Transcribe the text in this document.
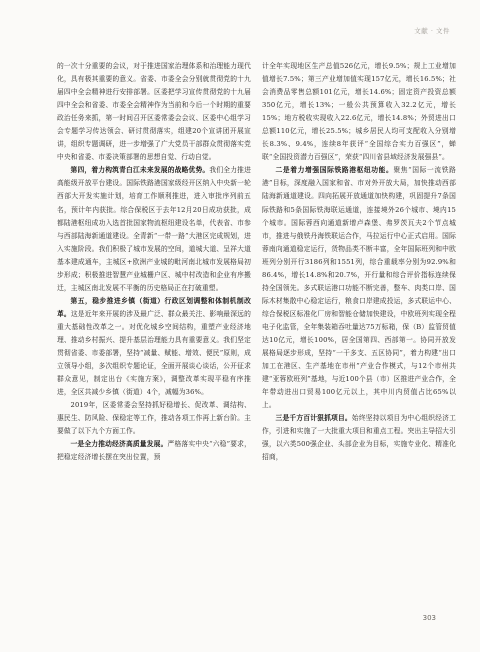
文献 · 文件

的一次十分重要的会议，对于推进国家治理体系和治理能力现代化，具有极其重要的意义。省委、市委全会分别就贯彻党的十九届四中全会精神进行安排部署。区委把学习宣传贯彻党的十九届四中全会和省委、市委全会精神作为当前和今后一个时期的重要政治任务来抓，第一时间召开区委常委会会议、区委中心组学习会专题学习传达领会、研讨贯彻落实，组建20个宣讲团开展宣讲，组织专题调研，进一步增强了广大党员干部群众贯彻落实党中央和省委、市委决策部署的思想自觉、行动自觉。

第四，着力构筑青白江未来发展的战略优势。我们全力推进高能级开放平台建设。国际铁路港国家级经开区纳入中央新一轮西部大开发实施计划，培育工作顺利推进，进入审批序列前五名，预计年内获批。综合保税区于去年12月20日成功获批，成都陆港枢纽成功入选首批国家物流枢纽建设名单，代表省、市参与西部陆海新通道建设。全青新“一带一路”大港区完成规划，进入实施阶段。我们积极了城市发展的空间，道城大道、呈祥大道基本建成通车，主城区+欧洲产业城的毗河南北城市发展格局初步形成；积极推进智慧产业城栅户区、城中村改造和企业有序搬迁，主城区南北发展不平衡的历史格局正在打破重塑。

第五，稳步推进乡镇（街道）行政区划调整和体制机制改革。这是近年来开展的涉及最广泛、群众最关注、影响最深远的重大基础性改革之一。对优化城乡空间结构，重塑产业经济地理、推动乡村振兴、提升基层治理能力具有重要意义。我们坚定贯彻省委、市委部署，坚持“减量、赋能、增效、便民”原则，成立领导小组，多次组织专题论证，全面开展谈心谈话，公开征求群众意见，制定出台《实施方案》，调整改革实现平稳有序推进，全区共减少乡镇（街道）4个，减幅为36%。

2019年，区委常委会坚持抓好稳增长、促改革、调结构、惠民生、防风险、保稳定等工作，推动各项工作再上新台阶。主要做了以下九个方面工作。

一是全力推动经济高质量发展。严格落实中央“六稳”要求，把稳定经济增长摆在突出位置，预

计全年实现地区生产总值526亿元，增长9.5%；规上工业增加值增长7.5%；第三产业增加值实现157亿元，增长16.5%；社会消费品零售总额101亿元，增长14.6%；固定资产投资总额350亿元，增长13%；一般公共预算收入32.2亿元，增长15%；地方税收实现收入22.6亿元，增长14.8%；外贸进出口总额110亿元，增长25.5%；城乡居民人均可支配收入分别增长8.3%、9.4%，连续8年获评“全国综合实力百强区”，蝉联“全国投资潜力百强区”，荣获“四川省县域经济发展强县”。

二是着力增强国际铁路港枢纽功能。聚焦“国际一流铁路港”目标，深度融入国家和省、市对外开放大局，加快推动西部陆海新通道建设。四向拓展开放通道加快构建，巩固提升7条国际铁路和5条国际铁海联运通道，连接境外26个城市、境内15个城市。国际蓉西向通道新增卢森堡、弗罗茨瓦夫2个节点城市，推进与俄铁丹海铁联运合作，马拉运行中心正式启用。国际蓉南向通道稳定运行，货物品类不断丰富，全年国际班列和中欧班列分别开行3186列和1551列，综合重载率分别为92.9%和86.4%，增长14.8%和20.7%，开行量和综合评价指标连续保持全国领先。多式联运港口功能不断完善，整车、肉类口岸、国际木材集散中心稳定运行，粮食口岸建成投运，多式联运中心、综合保税区标准化厂房和智能仓储加快建设，中欧班列实现全程电子化监管，全年集装箱吞吐量达75万标箱，保（B）监管贸值达10亿元，增长100%，居全国第四、西部第一。协同开放发展格局逐步形成，坚持“一干多支、五区协同”，着力构建“出口加工在港区、生产基地在市州”产业合作模式，与12个市州共建“亚蓉欧班列”基地，与近100个县（市）区推进产业合作，全年带动进出口贸易100亿元以上，其中川内贸值占比65%以上。

三是千方百计狠抓项目。始终坚持以项目为中心组织经济工作，引进和实施了一大批重大项目和重点工程。突出主导招大引强，以六类500强企业、头部企业为目标，实施专业化、精准化招商，

303
